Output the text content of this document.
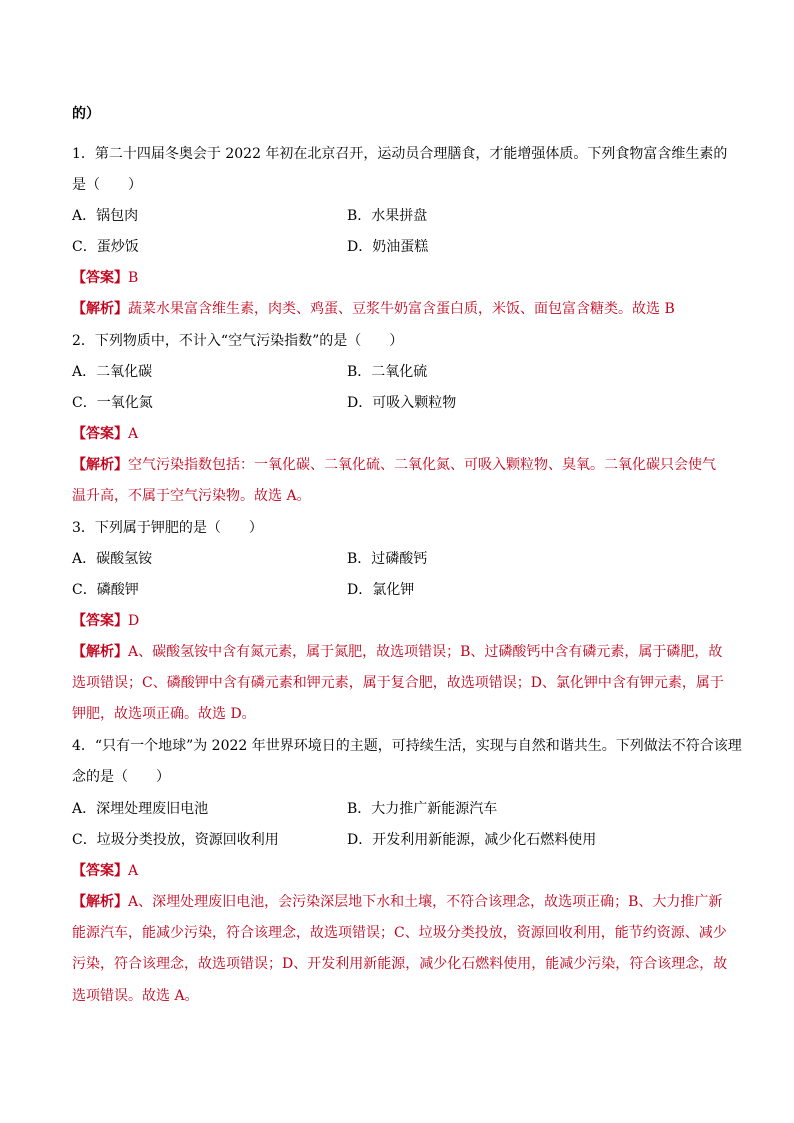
的）
1．第二十四届冬奥会于 2022 年初在北京召开，运动员合理膳食，才能增强体质。下列食物富含维生素的
是（　　）
A．锅包肉	B．水果拼盘
C．蛋炒饭	D．奶油蛋糕
【答案】B
【解析】蔬菜水果富含维生素，肉类、鸡蛋、豆浆牛奶富含蛋白质，米饭、面包富含糖类。故选 B
2．下列物质中，不计入“空气污染指数”的是（　　）
A．二氧化碳	B．二氧化硫
C．一氧化氮	D．可吸入颗粒物
【答案】A
【解析】空气污染指数包括：一氧化碳、二氧化硫、二氧化氮、可吸入颗粒物、臭氧。二氧化碳只会使气
温升高，不属于空气污染物。故选 A。
3．下列属于钾肥的是（　　）
A．碳酸氢铵	B．过磷酸钙
C．磷酸钾	D．氯化钾
【答案】D
【解析】A、碳酸氢铵中含有氮元素，属于氮肥，故选项错误；B、过磷酸钙中含有磷元素，属于磷肥，故
选项错误；C、磷酸钾中含有磷元素和钾元素，属于复合肥，故选项错误；D、氯化钾中含有钾元素，属于
钾肥，故选项正确。故选 D。
4．“只有一个地球”为 2022 年世界环境日的主题，可持续生活，实现与自然和谐共生。下列做法不符合该理
念的是（　　）
A．深埋处理废旧电池	B．大力推广新能源汽车
C．垃圾分类投放，资源回收利用	D．开发利用新能源，减少化石燃料使用
【答案】A
【解析】A、深埋处理废旧电池，会污染深层地下水和土壤，不符合该理念，故选项正确；B、大力推广新
能源汽车，能减少污染，符合该理念，故选项错误；C、垃圾分类投放，资源回收利用，能节约资源、减少
污染，符合该理念，故选项错误；D、开发利用新能源，减少化石燃料使用，能减少污染，符合该理念，故
选项错误。故选 A。
